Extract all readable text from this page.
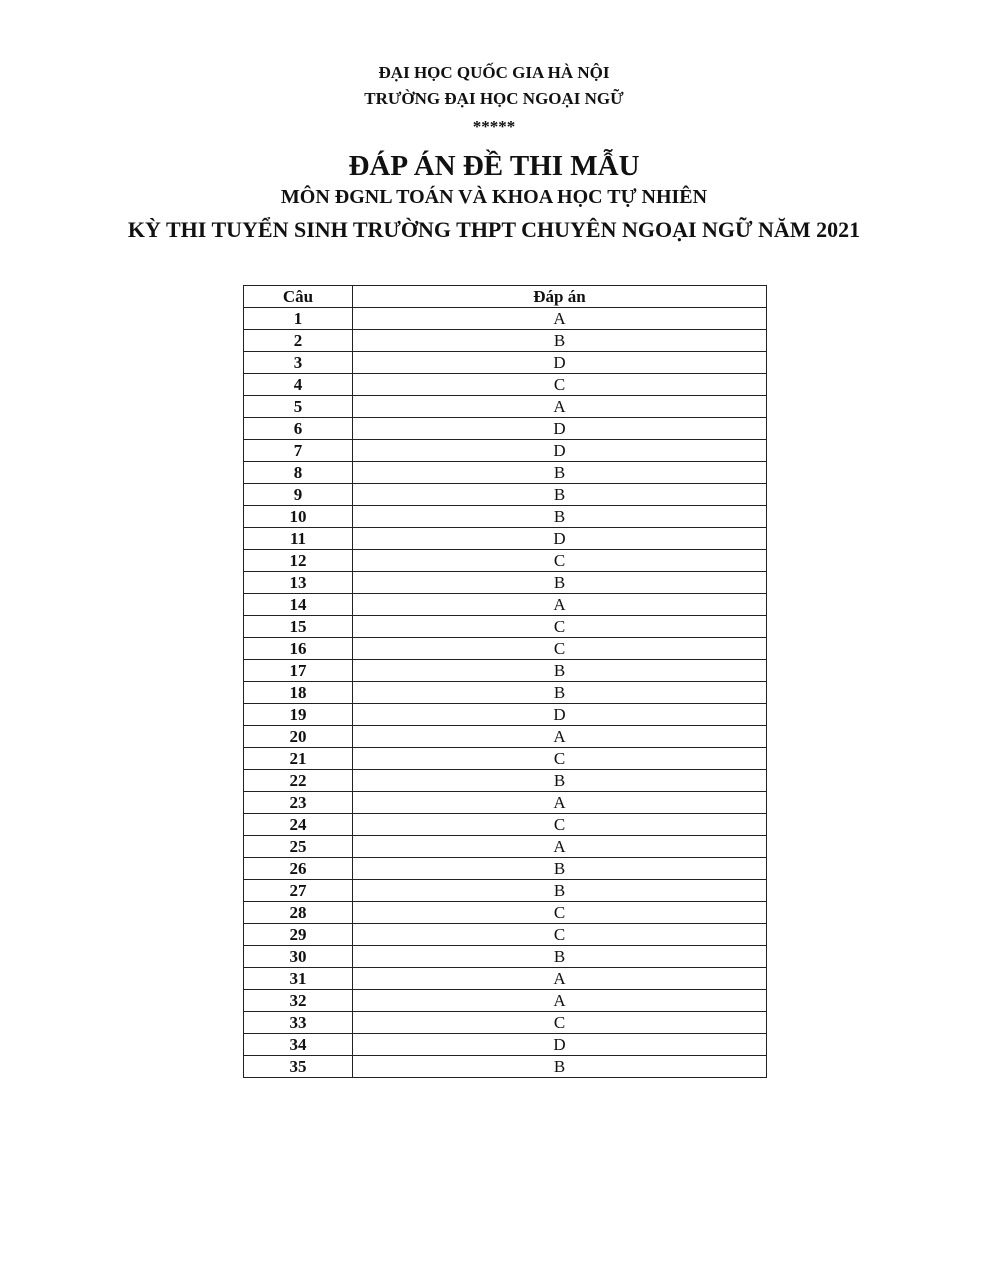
ĐẠI HỌC QUỐC GIA HÀ NỘI
TRƯỜNG ĐẠI HỌC NGOẠI NGỮ
*****
ĐÁP ÁN ĐỀ THI MẪU
MÔN ĐGNL TOÁN VÀ KHOA HỌC TỰ NHIÊN
KỲ THI TUYỂN SINH TRƯỜNG THPT CHUYÊN NGOẠI NGỮ NĂM 2021
Câu	Đáp án
1	A
2	B
3	D
4	C
5	A
6	D
7	D
8	B
9	B
10	B
11	D
12	C
13	B
14	A
15	C
16	C
17	B
18	B
19	D
20	A
21	C
22	B
23	A
24	C
25	A
26	B
27	B
28	C
29	C
30	B
31	A
32	A
33	C
34	D
35	B
